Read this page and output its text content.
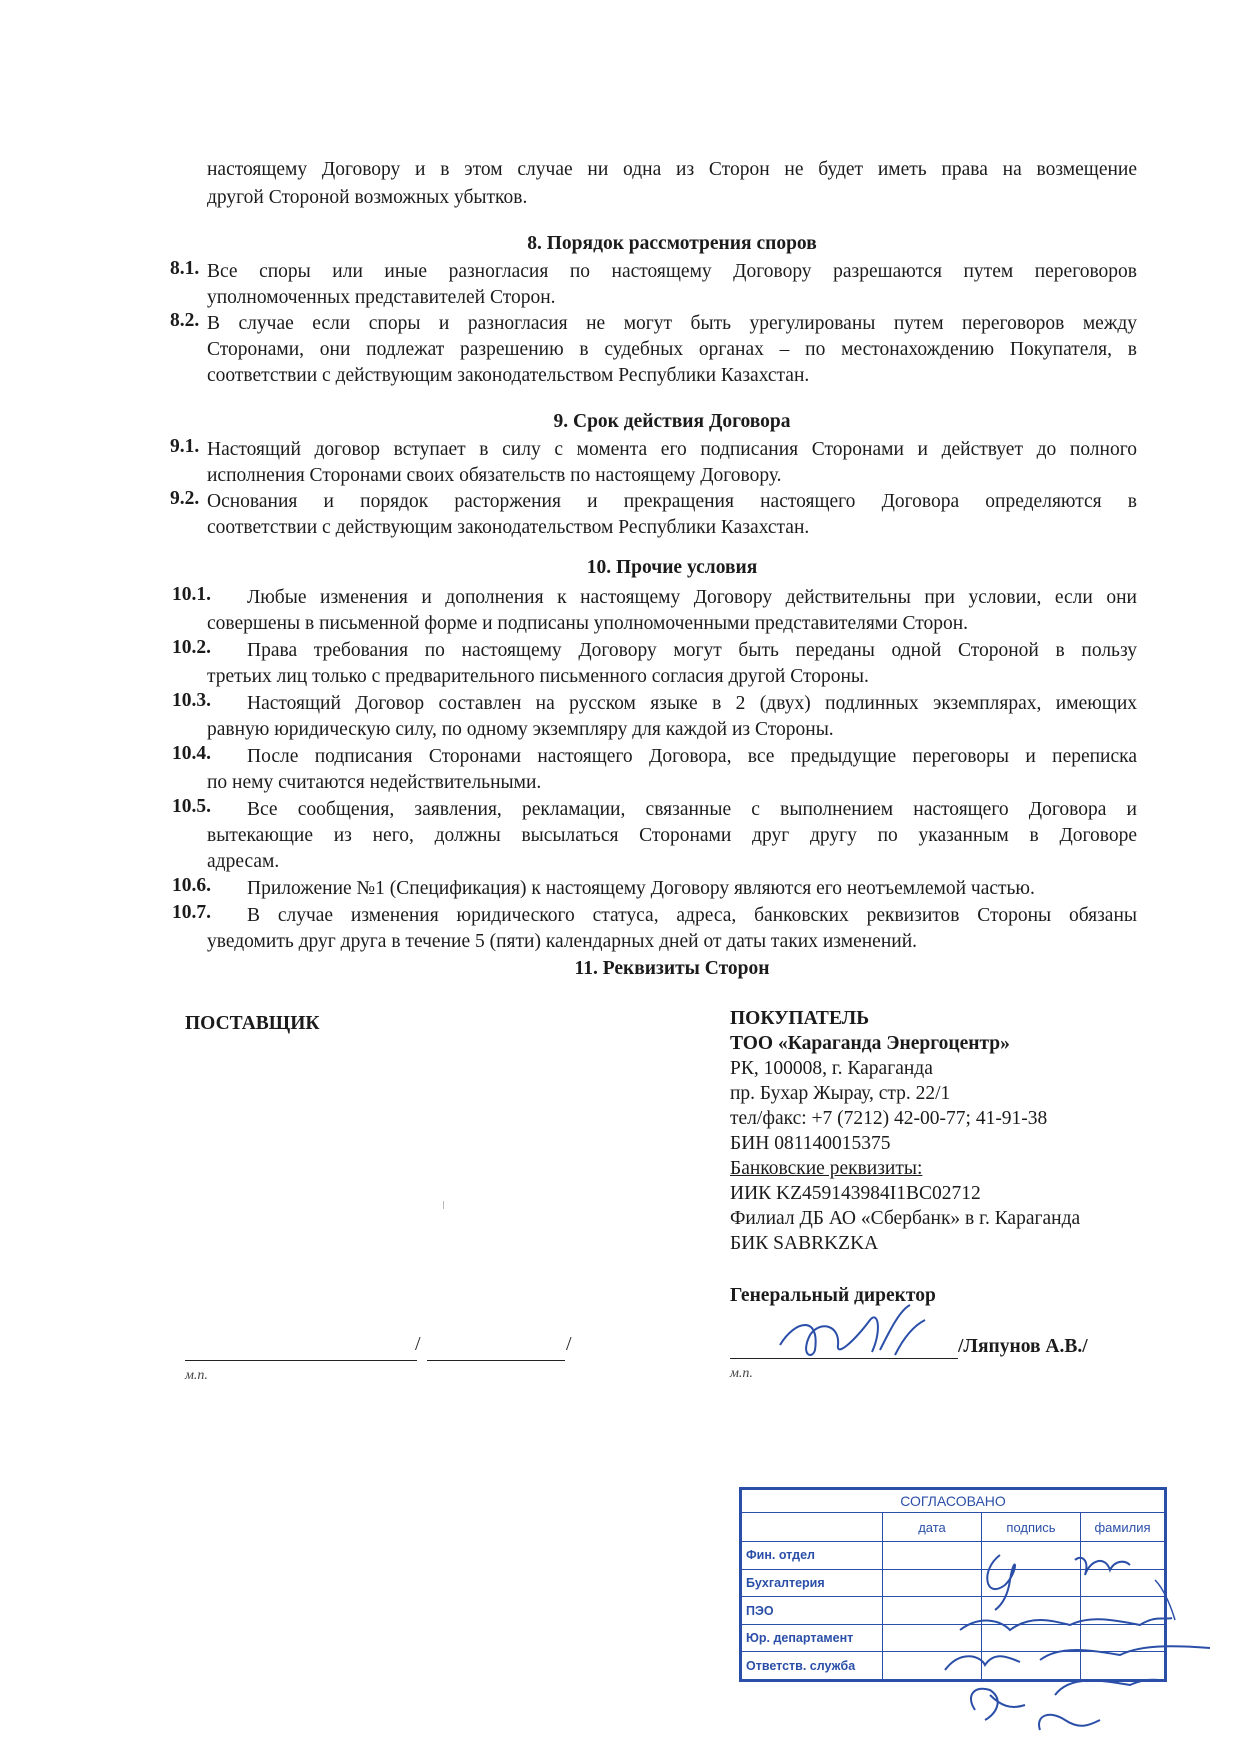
настоящему Договору и в этом случае ни одна из Сторон не будет иметь права на возмещение
другой Стороной возможных убытков.
8. Порядок рассмотрения споров
8.1. Все споры или иные разногласия по настоящему Договору разрешаются путем переговоров
уполномоченных представителей Сторон.
8.2. В случае если споры и разногласия не могут быть урегулированы путем переговоров между
Сторонами, они подлежат разрешению в судебных органах – по местонахождению Покупателя, в
соответствии с действующим законодательством Республики Казахстан.
9. Срок действия Договора
9.1. Настоящий договор вступает в силу с момента его подписания Сторонами и действует до полного
исполнения Сторонами своих обязательств по настоящему Договору.
9.2. Основания и порядок расторжения и прекращения настоящего Договора определяются в
соответствии с действующим законодательством Республики Казахстан.
10. Прочие условия
10.1. Любые изменения и дополнения к настоящему Договору действительны при условии, если они
совершены в письменной форме и подписаны уполномоченными представителями Сторон.
10.2. Права требования по настоящему Договору могут быть переданы одной Стороной в пользу
третьих лиц только с предварительного письменного согласия другой Стороны.
10.3. Настоящий Договор составлен на русском языке в 2 (двух) подлинных экземплярах, имеющих
равную юридическую силу, по одному экземпляру для каждой из Стороны.
10.4. После подписания Сторонами настоящего Договора, все предыдущие переговоры и переписка
по нему считаются недействительными.
10.5. Все сообщения, заявления, рекламации, связанные с выполнением настоящего Договора и
вытекающие из него, должны высылаться Сторонами друг другу по указанным в Договоре
адресам.
10.6. Приложение №1 (Спецификация) к настоящему Договору являются его неотъемлемой частью.
10.7. В случае изменения юридического статуса, адреса, банковских реквизитов Стороны обязаны
уведомить друг друга в течение 5 (пяти) календарных дней от даты таких изменений.
11. Реквизиты Сторон
ПОСТАВЩИК	ПОКУПАТЕЛЬ
ТОО «Караганда Энергоцентр»
РК, 100008, г. Караганда
пр. Бухар Жырау, стр. 22/1
тел/факс: +7 (7212) 42-00-77; 41-91-38
БИН 081140015375
Банковские реквизиты:
ИИК KZ459143984I1BC02712
Филиал ДБ АО «Сбербанк» в г. Караганда
БИК SABRKZKA
Генеральный директор
/	/
м.п.
/Ляпунов А.В./
м.п.
СОГЛАСОВАНО			
	дата	подпись	фамилия
Фин. отдел			
Бухгалтерия			
ПЭО			
Юр. департамент			
Ответств. служба			
